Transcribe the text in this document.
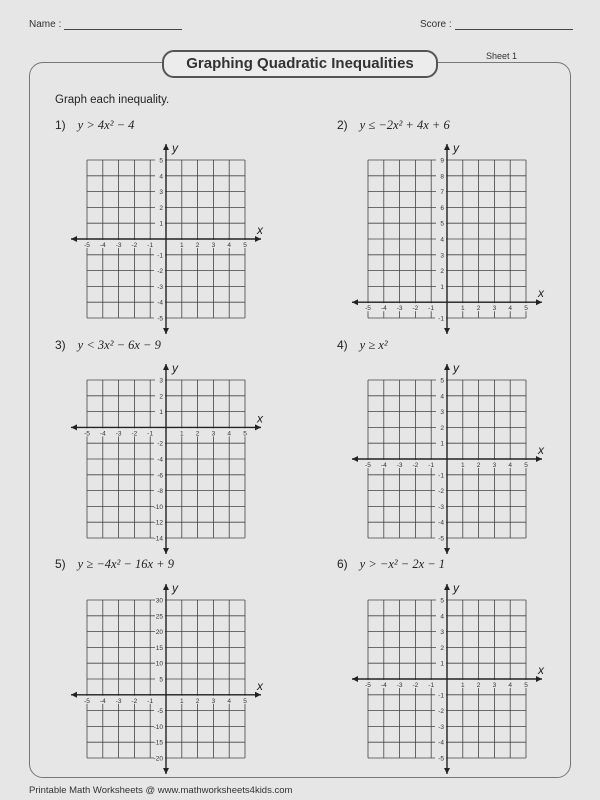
Name :	Score :
Graphing Quadratic Inequalities	Sheet 1
Graph each inequality.
1) y > 4x² − 4	2) y ≤ −2x² + 4x + 6
3) y < 3x² − 6x − 9	4) y ≥ x²
5) y ≥ −4x² − 16x + 9	6) y > −x² − 2x − 1
x
y
-5 -4 -3 -2 -1	1 2 3 4 5
1
2
3
4
5
-1
-2
-3
-4
-5
x
y
-5 -4 -3 -2 -1	1 2 3 4 5
1
2
3
4
5
6
7
8
9
-1
x
y
-5 -4 -3 -2 -1	1 2 3 4 5
1
2
3
-2
-4
-6
-8
-10
-12
-14
x
y
-5 -4 -3 -2 -1	1 2 3 4 5
1
2
3
4
5
-1
-2
-3
-4
-5
x
y
-5 -4 -3 -2 -1	1 2 3 4 5
5
10
15
20
25
30
-5
-10
-15
-20
x
y
-5 -4 -3 -2 -1	1 2 3 4 5
1
2
3
4
5
-1
-2
-3
-4
-5
Printable Math Worksheets @ www.mathworksheets4kids.com
